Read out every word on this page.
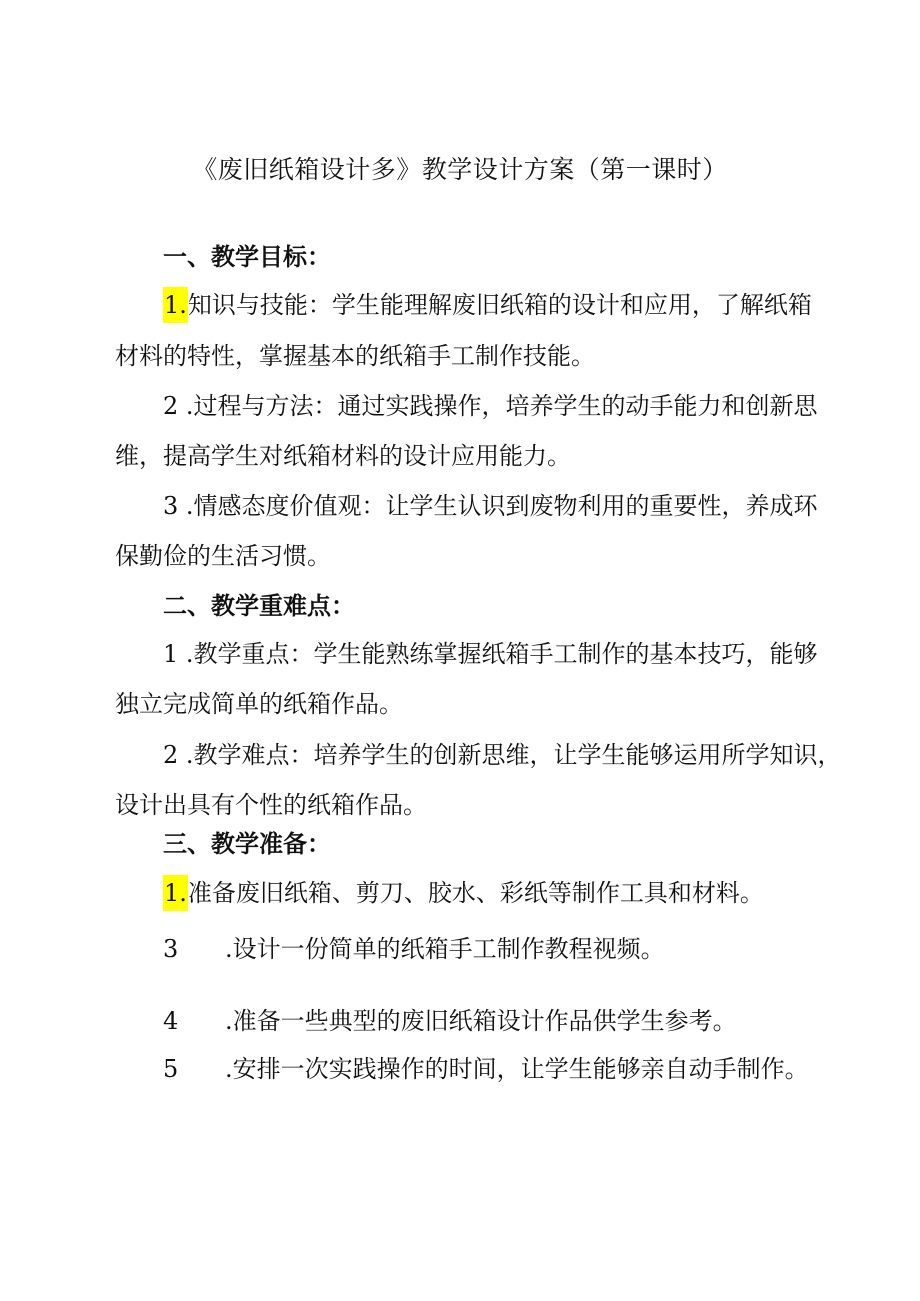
《废旧纸箱设计多》教学设计方案（第一课时）
一、教学目标：
1.知识与技能：学生能理解废旧纸箱的设计和应用，了解纸箱
材料的特性，掌握基本的纸箱手工制作技能。
2 .过程与方法：通过实践操作，培养学生的动手能力和创新思
维，提高学生对纸箱材料的设计应用能力。
3 .情感态度价值观：让学生认识到废物利用的重要性，养成环
保勤俭的生活习惯。
二、教学重难点：
1 .教学重点：学生能熟练掌握纸箱手工制作的基本技巧，能够
独立完成简单的纸箱作品。
2 .教学难点：培养学生的创新思维，让学生能够运用所学知识，
设计出具有个性的纸箱作品。
三、教学准备：
1.准备废旧纸箱、剪刀、胶水、彩纸等制作工具和材料。
3 .设计一份简单的纸箱手工制作教程视频。
4 .准备一些典型的废旧纸箱设计作品供学生参考。
5 .安排一次实践操作的时间，让学生能够亲自动手制作。
